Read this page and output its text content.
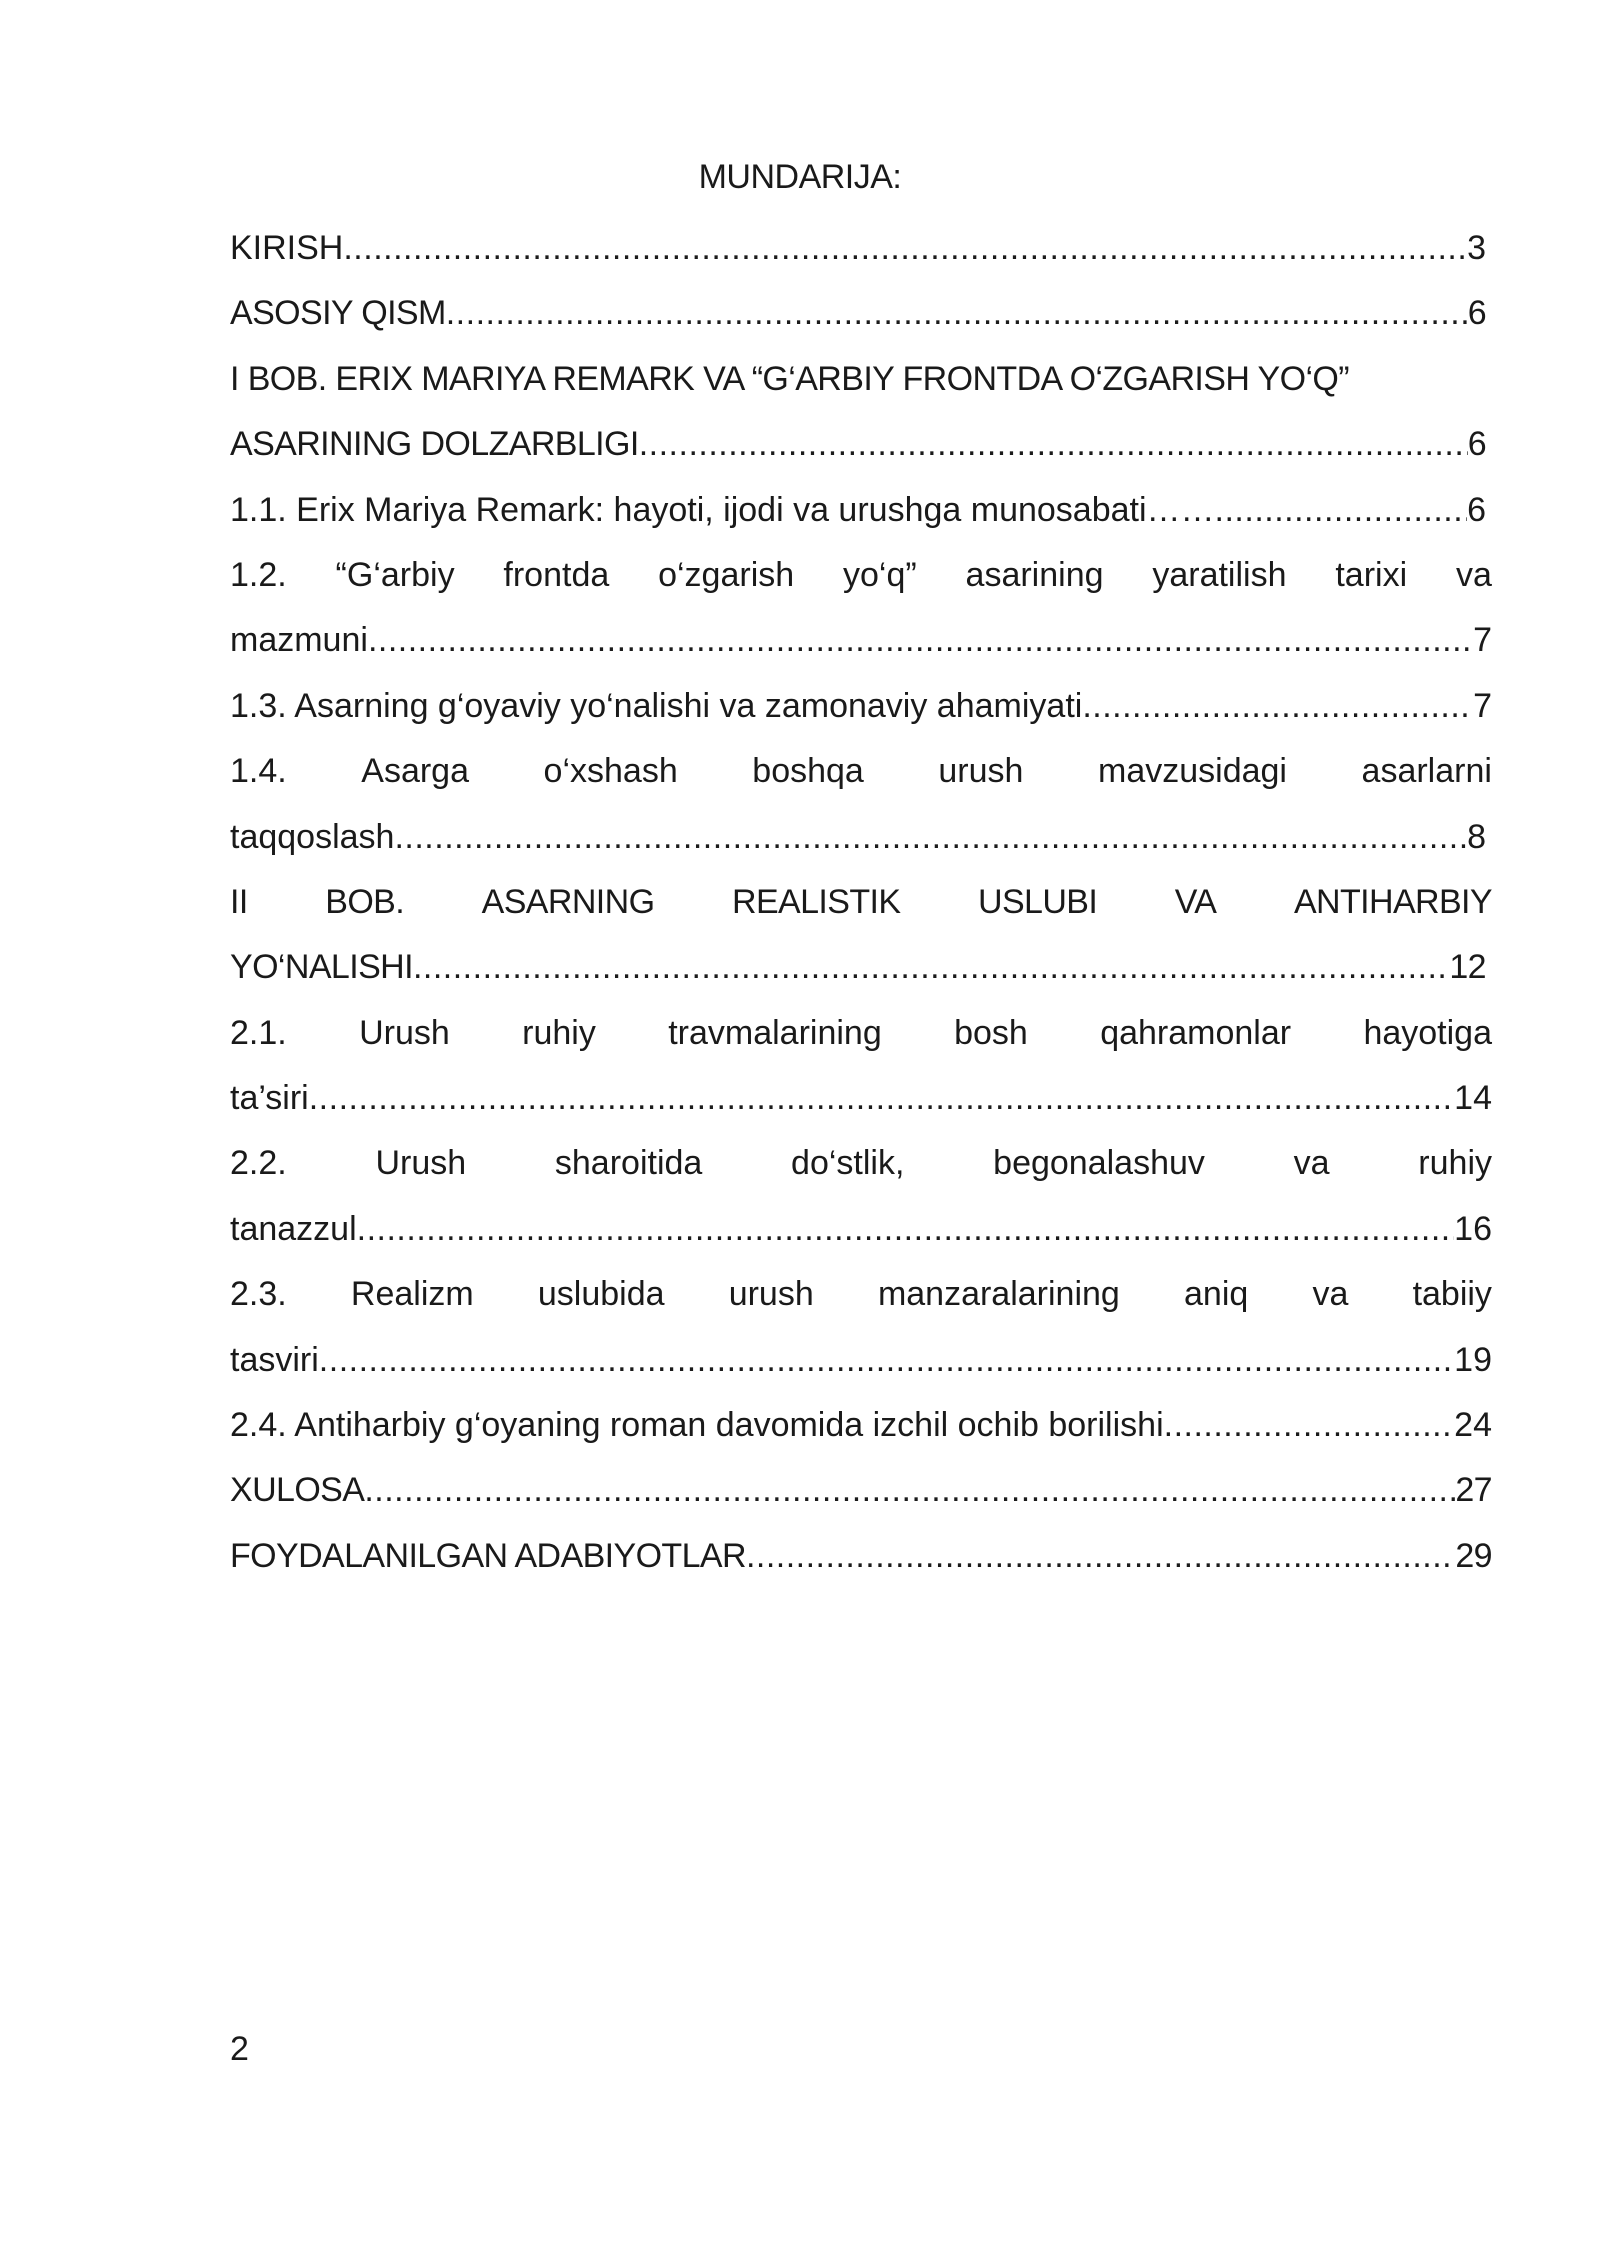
MUNDARIJA:
KIRISH .....	3
ASOSIY QISM .....	6
I BOB. ERIX MARIYA REMARK VA “G‘ARBIY FRONTDA O‘ZGARISH YO‘Q”
ASARINING DOLZARBLIGI .....	6
1.1. Erix Mariya Remark: hayoti, ijodi va urushga munosabati…… .....	6
1.2. “G‘arbiy frontda o‘zgarish yo‘q” asarining yaratilish tarixi va
mazmuni .....	7
1.3. Asarning g‘oyaviy yo‘nalishi va zamonaviy ahamiyati .....	7
1.4. Asarga o‘xshash boshqa urush mavzusidagi asarlarni
taqqoslash .....	8
II BOB. ASARNING REALISTIK USLUBI VA ANTIHARBIY
YO‘NALISHI .....	12
2.1. Urush ruhiy travmalarining bosh qahramonlar hayotiga
ta’siri .....	14
2.2.	Urush	sharoitida	do‘stlik,	begonalashuv	va	ruhiy
tanazzul .....	16
2.3. Realizm uslubida urush manzaralarining aniq va tabiiy
tasviri .....	19
2.4. Antiharbiy g‘oyaning roman davomida izchil ochib borilishi .....	24
XULOSA .....	27
FOYDALANILGAN ADABIYOTLAR .....	29
2
